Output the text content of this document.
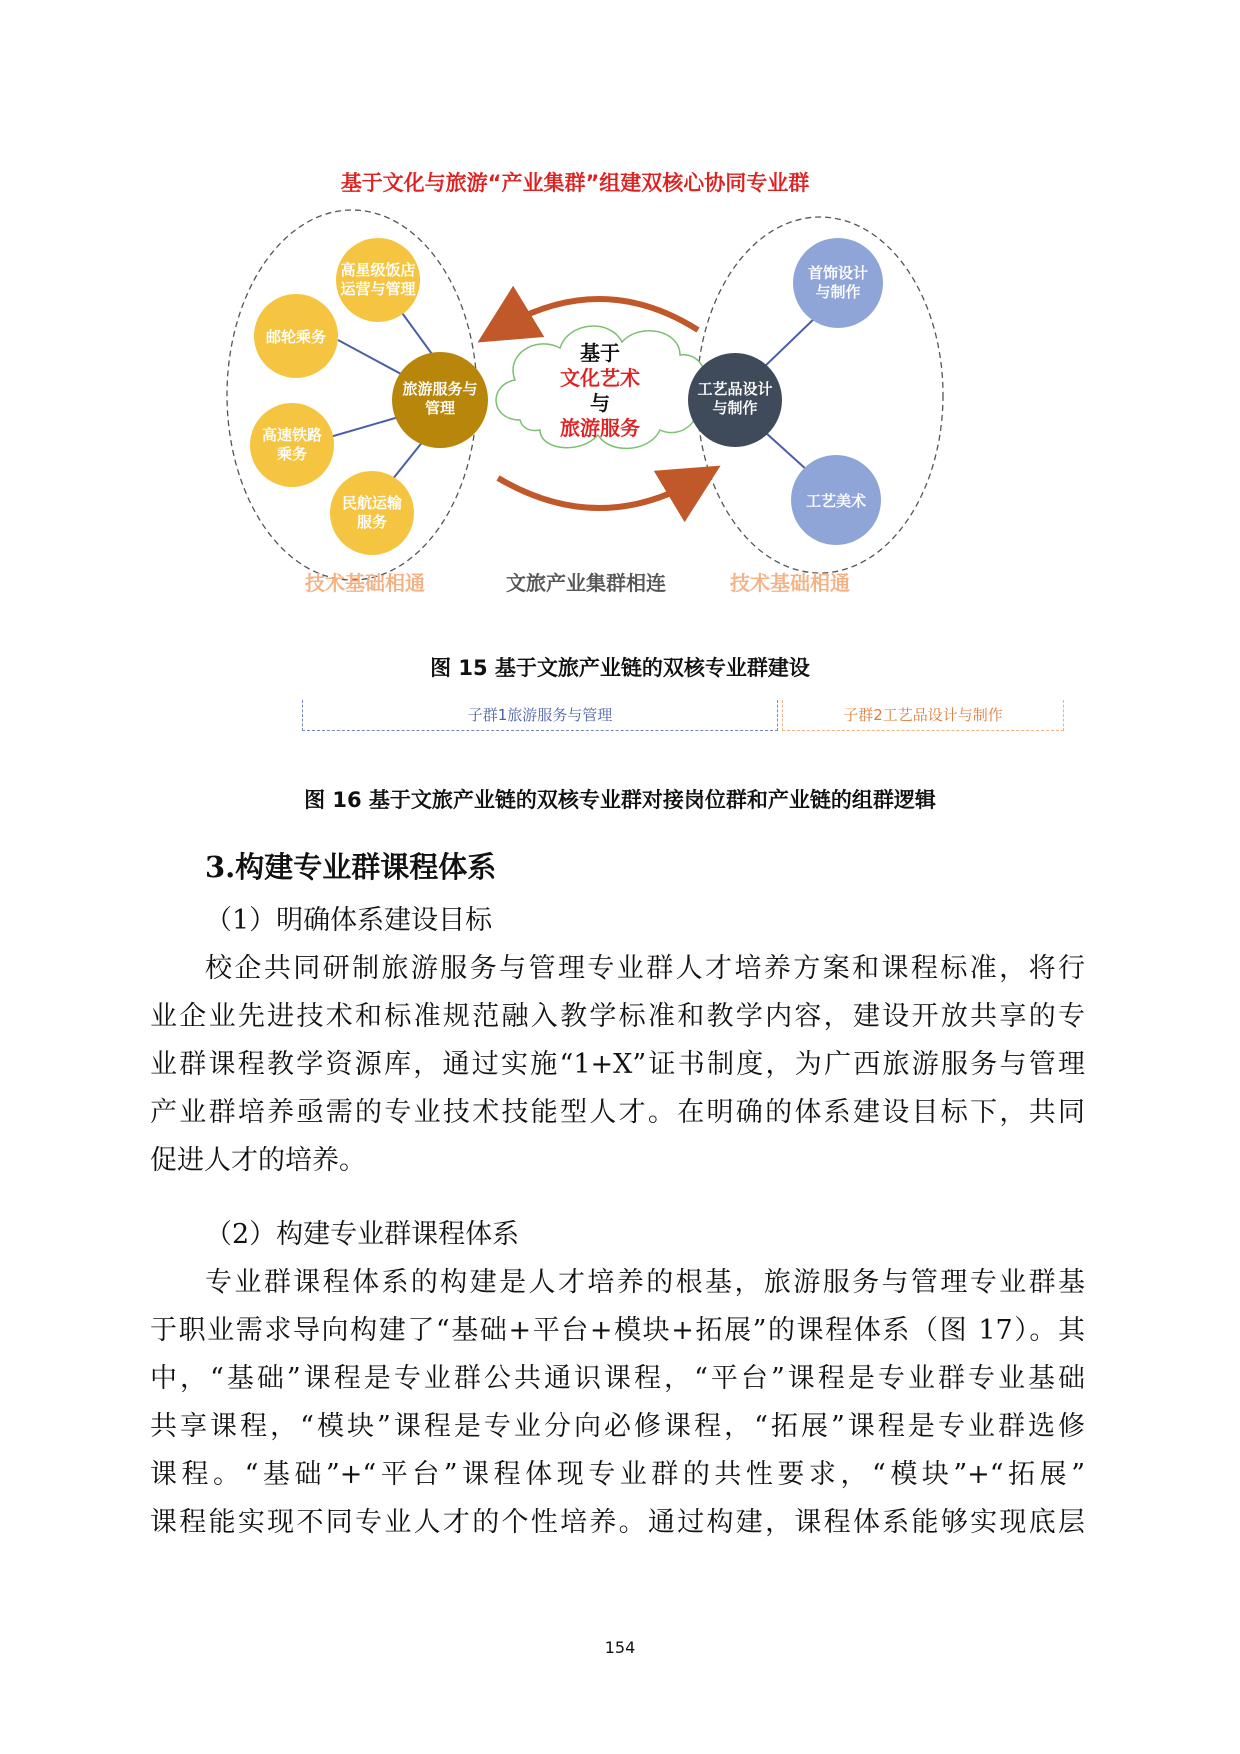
基于文化与旅游“产业集群”组建双核心协同专业群
高星级饭店
运营与管理
邮轮乘务
高速铁路
乘务
民航运输
服务
旅游服务与
管理
基于
文化艺术
与
旅游服务
工艺品设计
与制作
首饰设计
与制作
工艺美术
技术基础相通	文旅产业集群相连	技术基础相通
图 15 基于文旅产业链的双核专业群建设
子群1旅游服务与管理	子群2工艺品设计与制作
图 16 基于文旅产业链的双核专业群对接岗位群和产业链的组群逻辑
3.构建专业群课程体系
（1）明确体系建设目标
校企共同研制旅游服务与管理专业群人才培养方案和课程标准，将行
业企业先进技术和标准规范融入教学标准和教学内容，建设开放共享的专
业群课程教学资源库，通过实施“1+X”证书制度，为广西旅游服务与管理
产业群培养亟需的专业技术技能型人才。在明确的体系建设目标下，共同
促进人才的培养。
（2）构建专业群课程体系
专业群课程体系的构建是人才培养的根基，旅游服务与管理专业群基
于职业需求导向构建了“基础+平台+模块+拓展”的课程体系（图 17）。其
中，“基础”课程是专业群公共通识课程，“平台”课程是专业群专业基础
共享课程，“模块”课程是专业分向必修课程，“拓展”课程是专业群选修
课程。“基础”+“平台”课程体现专业群的共性要求，“模块”+“拓展”
课程能实现不同专业人才的个性培养。通过构建，课程体系能够实现底层
154
